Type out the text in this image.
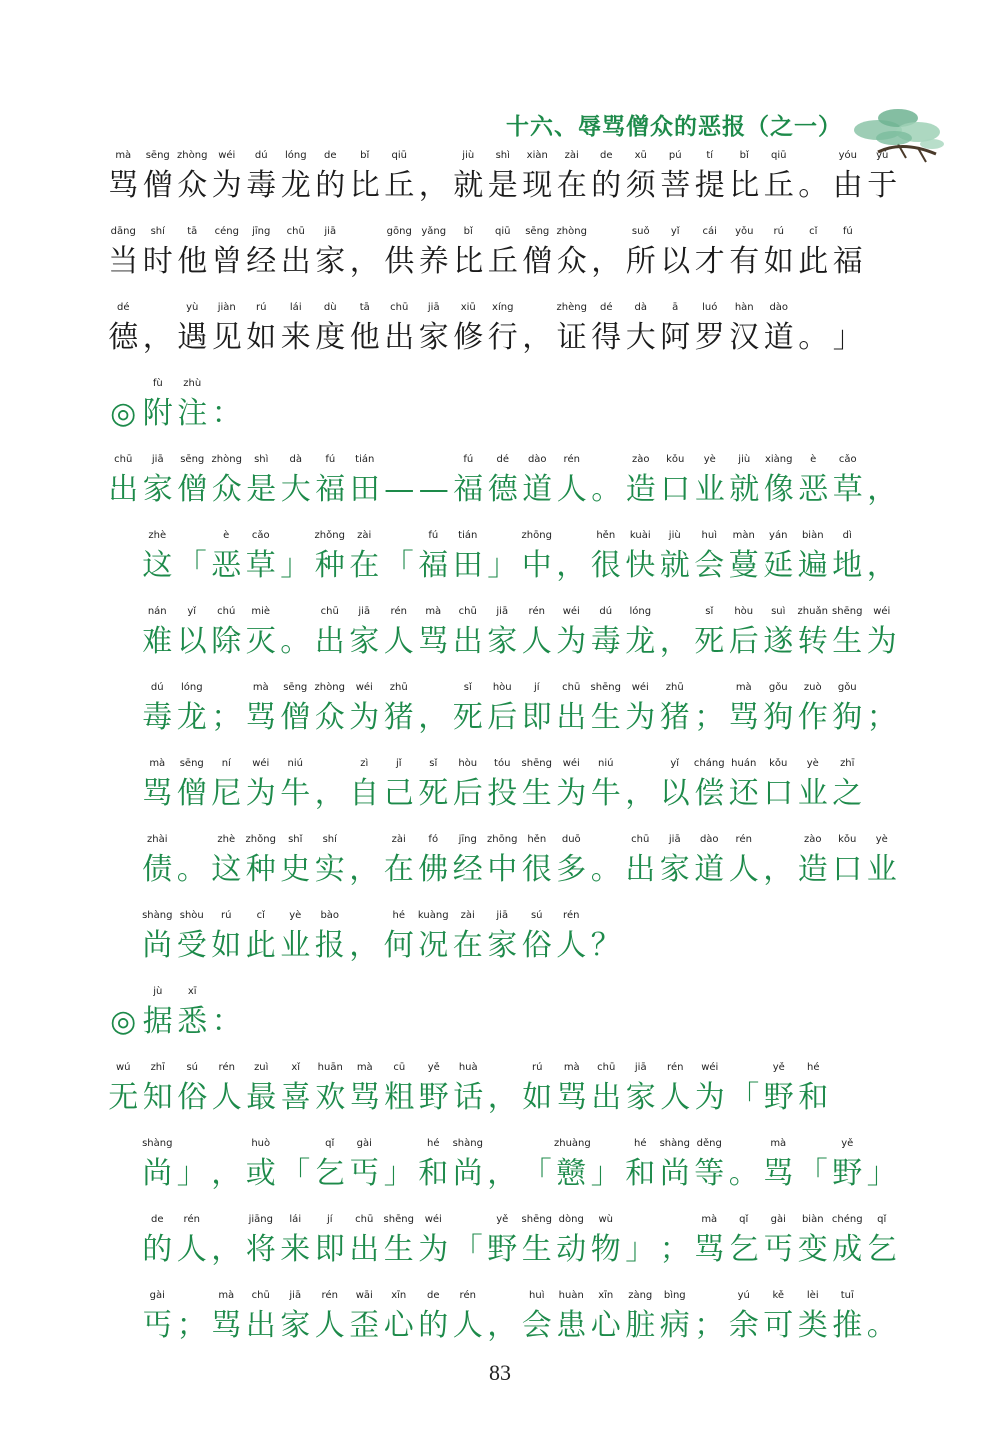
十六、辱骂僧众的恶报（之一）
骂
mà
僧
sēng
众
zhòng
为
wéi
毒
dú
龙
lóng
的
de
比
bǐ
丘
qiū
， 就
jiù
是
shì
现
xiàn
在
zài
的
de
须
xū
菩
pú
提
tí
比
bǐ
丘
qiū
。 由
yóu
于
yú
当
dāng
时
shí
他
tā
曾
céng
经
jīng
出
chū
家
jiā
， 供
gōng
养
yǎng
比
bǐ
丘
qiū
僧
sēng
众
zhòng
， 所
suǒ
以
yǐ
才
cái
有
yǒu
如
rú
此
cǐ
福
fú
德
dé
， 遇
yù
见
jiàn
如
rú
来
lái
度
dù
他
tā
出
chū
家
jiā
修
xiū
行
xíng
， 证
zhèng
得
dé
大
dà
阿
ā
罗
luó
汉
hàn
道
dào
。 」
◎ 附
fù
注
zhù
：
出
chū
家
jiā
僧
sēng
众
zhòng
是
shì
大
dà
福
fú
田
tián
— — 福
fú
德
dé
道
dào
人
rén
。 造
zào
口
kǒu
业
yè
就
jiù
像
xiàng
恶
è
草
cǎo
，
这
zhè
「 恶
è
草
cǎo
」 种
zhǒng
在
zài
「 福
fú
田
tián
」 中
zhōng
， 很
hěn
快
kuài
就
jiù
会
huì
蔓
màn
延
yán
遍
biàn
地
dì
，
难
nán
以
yǐ
除
chú
灭
miè
。 出
chū
家
jiā
人
rén
骂
mà
出
chū
家
jiā
人
rén
为
wéi
毒
dú
龙
lóng
， 死
sǐ
后
hòu
遂
suì
转
zhuǎn
生
shēng
为
wéi
毒
dú
龙
lóng
； 骂
mà
僧
sēng
众
zhòng
为
wéi
猪
zhū
， 死
sǐ
后
hòu
即
jí
出
chū
生
shēng
为
wéi
猪
zhū
； 骂
mà
狗
gǒu
作
zuò
狗
gǒu
；
骂
mà
僧
sēng
尼
ní
为
wéi
牛
niú
， 自
zì
己
jǐ
死
sǐ
后
hòu
投
tóu
生
shēng
为
wéi
牛
niú
， 以
yǐ
偿
cháng
还
huán
口
kǒu
业
yè
之
zhī
债
zhài
。 这
zhè
种
zhǒng
史
shǐ
实
shí
， 在
zài
佛
fó
经
jīng
中
zhōng
很
hěn
多
duō
。 出
chū
家
jiā
道
dào
人
rén
， 造
zào
口
kǒu
业
yè
尚
shàng
受
shòu
如
rú
此
cǐ
业
yè
报
bào
， 何
hé
况
kuàng
在
zài
家
jiā
俗
sú
人
rén
？
◎ 据
jù
悉
xī
：
无
wú
知
zhī
俗
sú
人
rén
最
zuì
喜
xǐ
欢
huān
骂
mà
粗
cū
野
yě
话
huà
， 如
rú
骂
mà
出
chū
家
jiā
人
rén
为
wéi
「 野
yě
和
hé
尚
shàng
」 ， 或
huò
「 乞
qǐ
丐
gài
」 和
hé
尚
shàng
， 「 戆
zhuàng
」 和
hé
尚
shàng
等
děng
。 骂
mà
「 野
yě
」
的
de
人
rén
， 将
jiāng
来
lái
即
jí
出
chū
生
shēng
为
wéi
「 野
yě
生
shēng
动
dòng
物
wù
」 ； 骂
mà
乞
qǐ
丐
gài
变
biàn
成
chéng
乞
qǐ
丐
gài
； 骂
mà
出
chū
家
jiā
人
rén
歪
wāi
心
xīn
的
de
人
rén
， 会
huì
患
huàn
心
xīn
脏
zàng
病
bìng
； 余
yú
可
kě
类
lèi
推
tuī
。
83
